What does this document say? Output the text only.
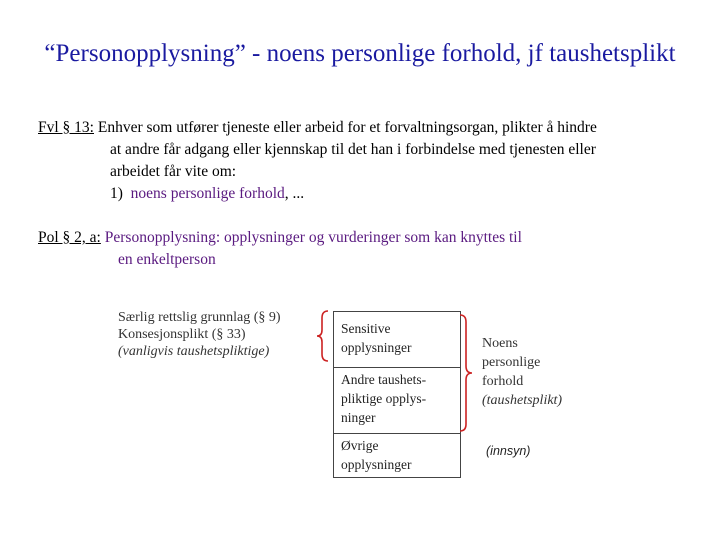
“Personopplysning” - noens personlige forhold, jf taushetsplikt
Fvl § 13: Enhver som utfører tjeneste eller arbeid for et forvaltningsorgan, plikter å hindre
at andre får adgang eller kjennskap til det han i forbindelse med tjenesten eller
arbeidet får vite om:
1) noens personlige forhold, ...
Pol § 2, a: Personopplysning: opplysninger og vurderinger som kan knyttes til
en enkeltperson
Særlig rettslig grunnlag (§ 9)
Konsesjonsplikt (§ 33)
(vanligvis taushetspliktige)
Sensitive
opplysninger
Andre taushets-
pliktige opplys-
ninger
Øvrige
opplysninger
Noens
personlige
forhold
(taushetsplikt)
(innsyn)
